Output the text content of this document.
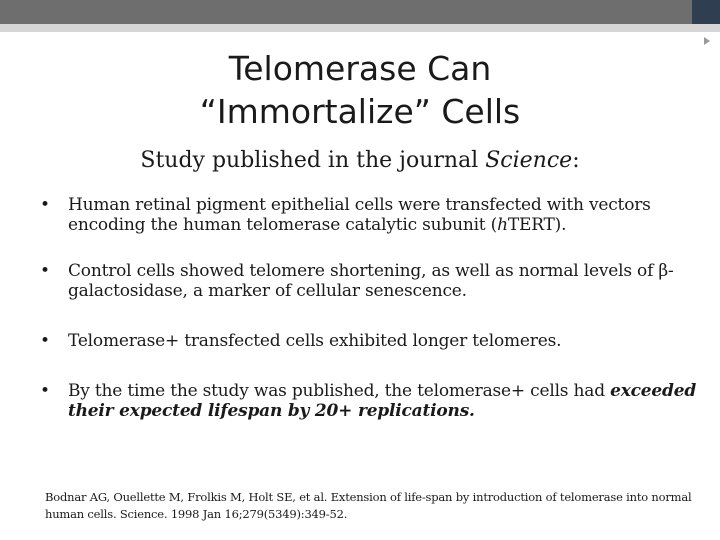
Telomerase Can
“Immortalize” Cells
Study published in the journal Science:
• Human retinal pigment epithelial cells were transfected with vectors encoding the human telomerase catalytic subunit (hTERT).
• Control cells showed telomere shortening, as well as normal levels of β-galactosidase, a marker of cellular senescence.
• Telomerase+ transfected cells exhibited longer telomeres.
• By the time the study was published, the telomerase+ cells had exceeded their expected lifespan by 20+ replications.
Bodnar AG, Ouellette M, Frolkis M, Holt SE, et al. Extension of life-span by introduction of telomerase into normal human cells. Science. 1998 Jan 16;279(5349):349-52.
